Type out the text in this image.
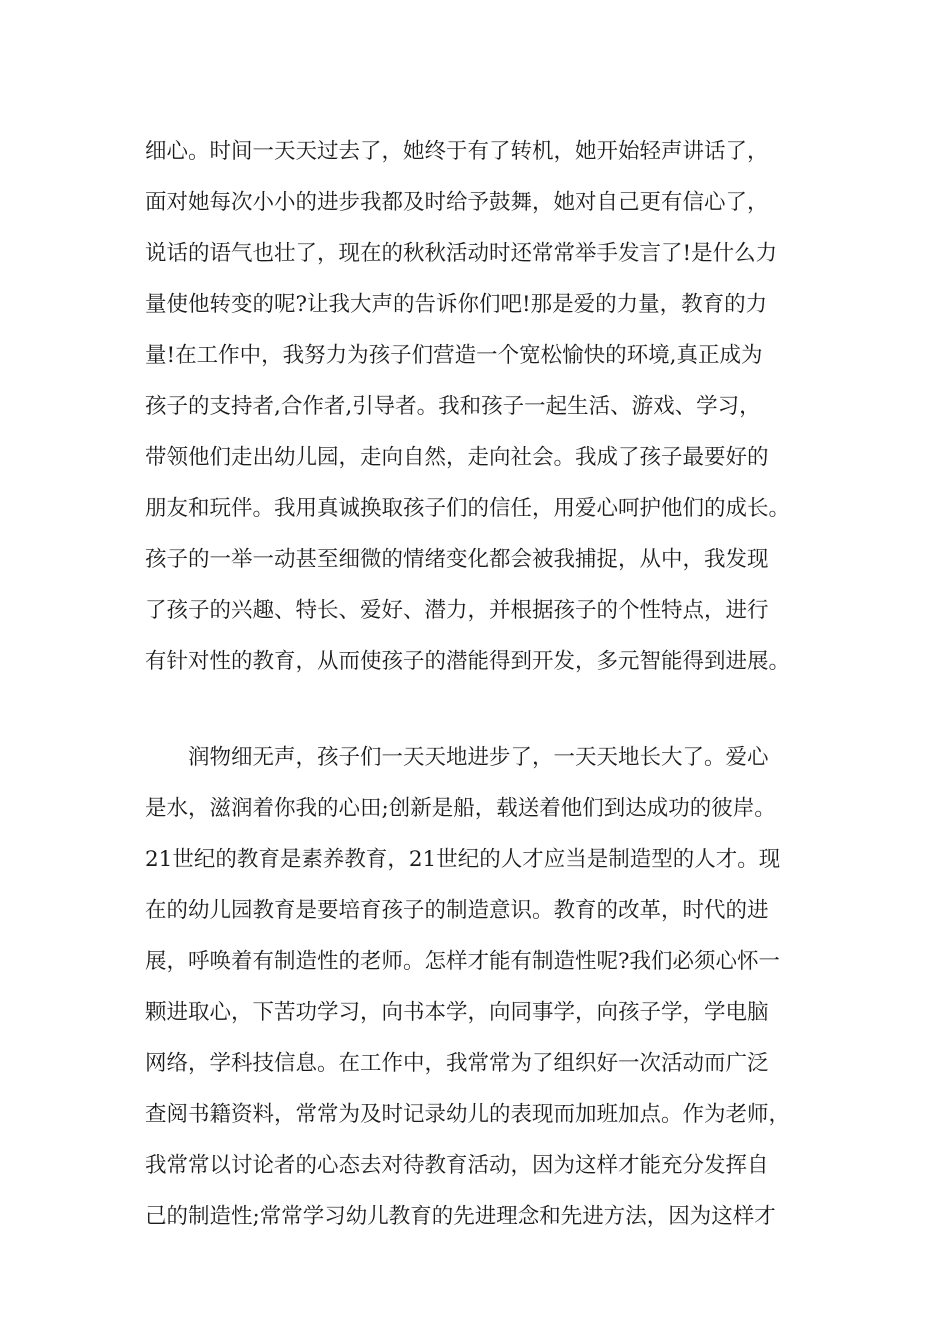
细心。时间一天天过去了，她终于有了转机，她开始轻声讲话了，
面对她每次小小的进步我都及时给予鼓舞，她对自己更有信心了，
说话的语气也壮了，现在的秋秋活动时还常常举手发言了!是什么力
量使他转变的呢?让我大声的告诉你们吧!那是爱的力量，教育的力
量!在工作中，我努力为孩子们营造一个宽松愉快的环境,真正成为
孩子的支持者,合作者,引导者。我和孩子一起生活、游戏、学习，
带领他们走出幼儿园，走向自然，走向社会。我成了孩子最要好的
朋友和玩伴。我用真诚换取孩子们的信任，用爱心呵护他们的成长。
孩子的一举一动甚至细微的情绪变化都会被我捕捉，从中，我发现
了孩子的兴趣、特长、爱好、潜力，并根据孩子的个性特点，进行
有针对性的教育，从而使孩子的潜能得到开发，多元智能得到进展。
　　润物细无声，孩子们一天天地进步了，一天天地长大了。爱心
是水，滋润着你我的心田;创新是船，载送着他们到达成功的彼岸。
21世纪的教育是素养教育，21世纪的人才应当是制造型的人才。现
在的幼儿园教育是要培育孩子的制造意识。教育的改革，时代的进
展，呼唤着有制造性的老师。怎样才能有制造性呢?我们必须心怀一
颗进取心，下苦功学习，向书本学，向同事学，向孩子学，学电脑
网络，学科技信息。在工作中，我常常为了组织好一次活动而广泛
查阅书籍资料，常常为及时记录幼儿的表现而加班加点。作为老师，
我常常以讨论者的心态去对待教育活动，因为这样才能充分发挥自
己的制造性;常常学习幼儿教育的先进理念和先进方法，因为这样才
